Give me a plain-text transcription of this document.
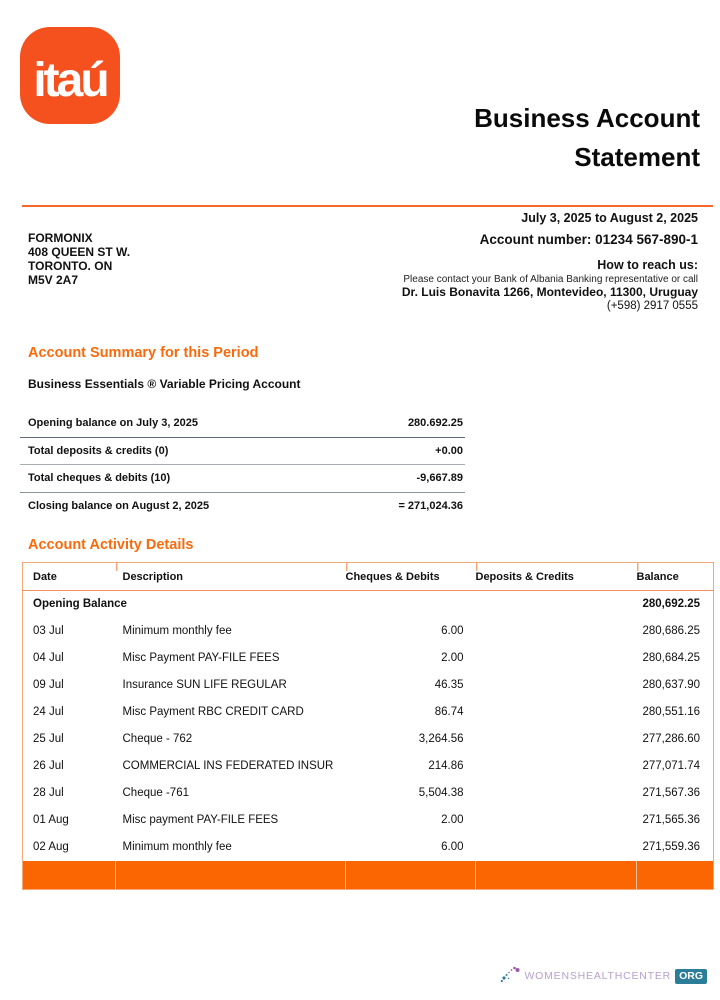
itaú
Business Account
Statement
July 3, 2025 to August 2, 2025
FORMONIX
408 QUEEN ST W.
TORONTO. ON
M5V 2A7
Account number: 01234 567-890-1
How to reach us:
Please contact your Bank of Albania Banking representative or call
Dr. Luis Bonavita 1266, Montevideo, 11300, Uruguay
(+598) 2917 0555
Account Summary for this Period
Business Essentials ® Variable Pricing Account
Opening balance on July 3, 2025	280.692.25
Total deposits & credits (0)	+0.00
Total cheques & debits (10)	-9,667.89
Closing balance on August 2, 2025	= 271,024.36
Account Activity Details
Date	Description	Cheques & Debits	Deposits & Credits	Balance
Opening Balance				280,692.25
03 Jul	Minimum monthly fee	6.00		280,686.25
04 Jul	Misc Payment PAY-FILE FEES	2.00		280,684.25
09 Jul	Insurance SUN LIFE REGULAR	46.35		280,637.90
24 Jul	Misc Payment RBC CREDIT CARD	86.74		280,551.16
25 Jul	Cheque - 762	3,264.56		277,286.60
26 Jul	COMMERCIAL INS FEDERATED INSUR	214.86		277,071.74
28 Jul	Cheque -761	5,504.38		271,567.36
01 Aug	Misc payment PAY-FILE FEES	2.00		271,565.36
02 Aug	Minimum monthly fee	6.00		271,559.36

WOMENSHEALTHCENTER ORG
